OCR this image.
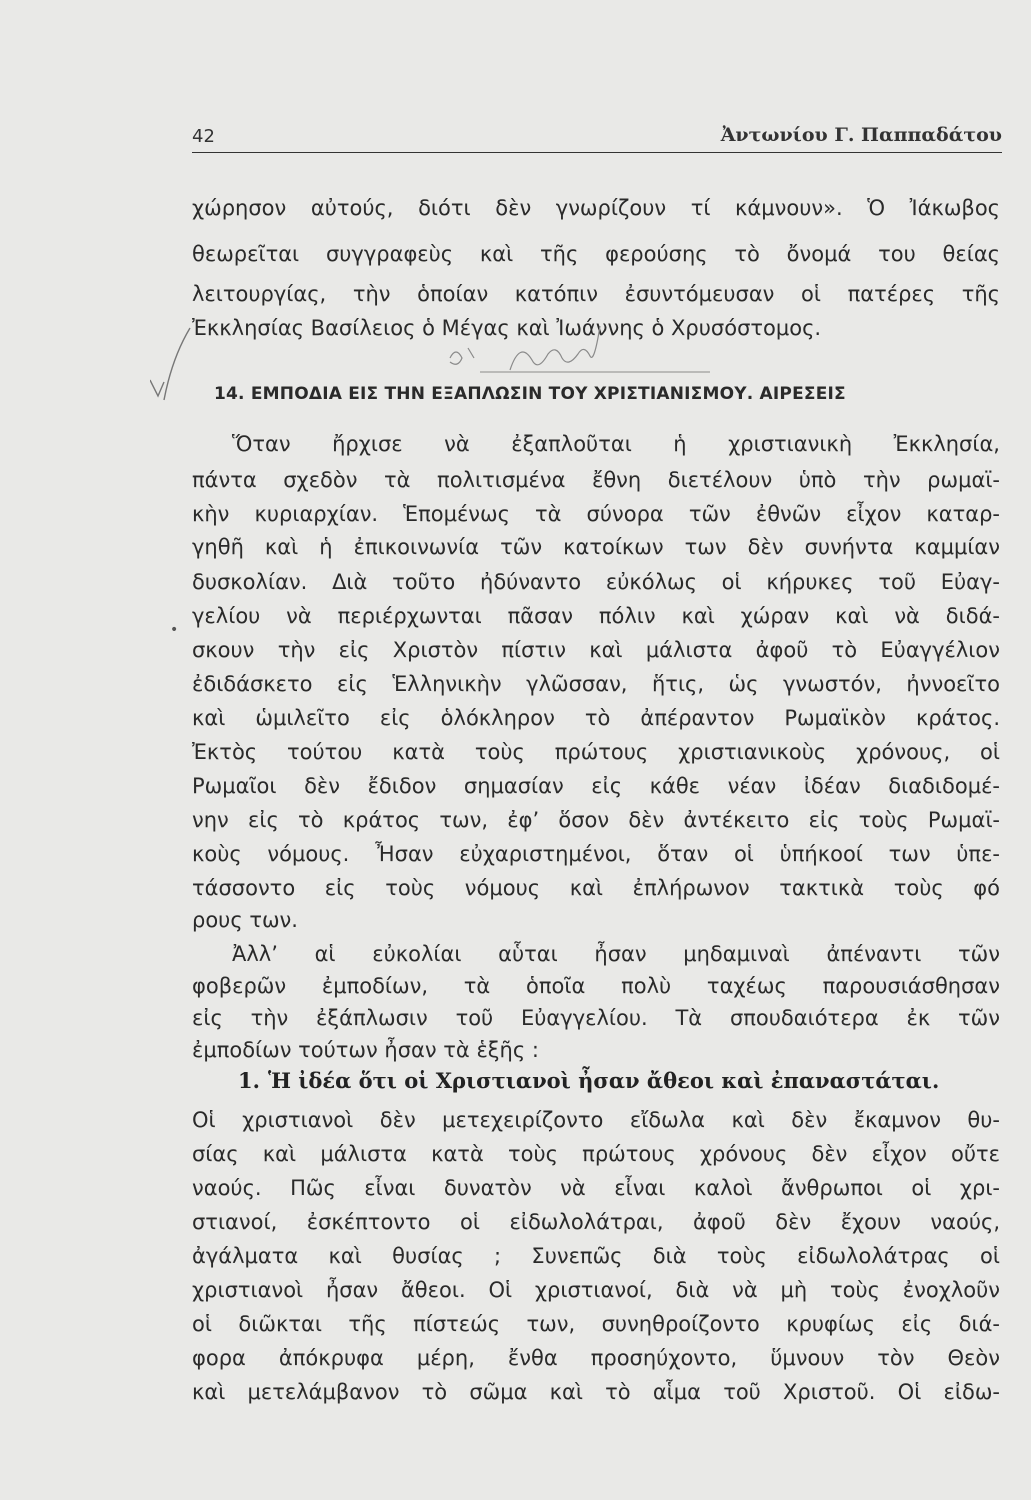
42	Ἀντωνίου Γ. Παππαδάτου
χώρησον αὐτούς, διότι δὲν γνωρίζουν τί κάμνουν». Ὁ Ἰάκωβος
θεωρεῖται συγγραφεὺς καὶ τῆς φερούσης τὸ ὄνομά του θείας
λειτουργίας, τὴν ὁποίαν κατόπιν ἐσυντόμευσαν οἱ πατέρες τῆς
Ἐκκλησίας Βασίλειος ὁ Μέγας καὶ Ἰωάννης ὁ Χρυσόστομος.
14. ΕΜΠΟΔΙΑ ΕΙΣ ΤΗΝ ΕΞΑΠΛΩΣΙΝ ΤΟΥ ΧΡΙΣΤΙΑΝΙΣΜΟΥ. ΑΙΡΕΣΕΙΣ
•
Ὅταν ἤρχισε νὰ ἐξαπλοῦται ἡ χριστιανικὴ Ἐκκλησία,
πάντα σχεδὸν τὰ πολιτισμένα ἔθνη διετέλουν ὑπὸ τὴν ρωμαϊ-
κὴν κυριαρχίαν. Ἑπομένως τὰ σύνορα τῶν ἐθνῶν εἶχον καταρ-
γηθῆ καὶ ἡ ἐπικοινωνία τῶν κατοίκων των δὲν συνήντα καμμίαν
δυσκολίαν. Διὰ τοῦτο ἠδύναντο εὐκόλως οἱ κήρυκες τοῦ Εὐαγ-
γελίου νὰ περιέρχωνται πᾶσαν πόλιν καὶ χώραν καὶ νὰ διδά-
σκουν τὴν εἰς Χριστὸν πίστιν καὶ μάλιστα ἀφοῦ τὸ Εὐαγγέλιον
ἐδιδάσκετο εἰς Ἑλληνικὴν γλῶσσαν, ἥτις, ὡς γνωστόν, ἠννοεῖτο
καὶ ὡμιλεῖτο εἰς ὁλόκληρον τὸ ἀπέραντον Ρωμαϊκὸν κράτος.
Ἐκτὸς τούτου κατὰ τοὺς πρώτους χριστιανικοὺς χρόνους, οἱ
Ρωμαῖοι δὲν ἔδιδον σημασίαν εἰς κάθε νέαν ἰδέαν διαδιδομέ-
νην εἰς τὸ κράτος των, ἐφ’ ὅσον δὲν ἀντέκειτο εἰς τοὺς Ρωμαϊ-
κοὺς νόμους. Ἦσαν εὐχαριστημένοι, ὅταν οἱ ὑπήκοοί των ὑπε-
τάσσοντο εἰς τοὺς νόμους καὶ ἐπλήρωνον τακτικὰ τοὺς φό
ρους των.
Ἀλλ’ αἱ εὐκολίαι αὗται ἦσαν μηδαμιναὶ ἀπέναντι τῶν
φοβερῶν ἐμποδίων, τὰ ὁποῖα πολὺ ταχέως παρουσιάσθησαν
εἰς τὴν ἐξάπλωσιν τοῦ Εὐαγγελίου. Τὰ σπουδαιότερα ἐκ τῶν
ἐμποδίων τούτων ἦσαν τὰ ἑξῆς :
1. Ἡ ἰδέα ὅτι οἱ Χριστιανοὶ ἦσαν ἄθεοι καὶ ἐπαναστάται.
Οἱ χριστιανοὶ δὲν μετεχειρίζοντο εἴδωλα καὶ δὲν ἔκαμνον θυ-
σίας καὶ μάλιστα κατὰ τοὺς πρώτους χρόνους δὲν εἶχον οὔτε
ναούς. Πῶς εἶναι δυνατὸν νὰ εἶναι καλοὶ ἄνθρωποι οἱ χρι-
στιανοί, ἐσκέπτοντο οἱ εἰδωλολάτραι, ἀφοῦ δὲν ἔχουν ναούς,
ἀγάλματα καὶ θυσίας ; Συνεπῶς διὰ τοὺς εἰδωλολάτρας οἱ
χριστιανοὶ ἦσαν ἄθεοι. Οἱ χριστιανοί, διὰ νὰ μὴ τοὺς ἐνοχλοῦν
οἱ διῶκται τῆς πίστεώς των, συνηθροίζοντο κρυφίως εἰς διά-
φορα ἀπόκρυφα μέρη, ἔνθα προσηύχοντο, ὕμνουν τὸν Θεὸν
καὶ μετελάμβανον τὸ σῶμα καὶ τὸ αἷμα τοῦ Χριστοῦ. Οἱ εἰδω-
